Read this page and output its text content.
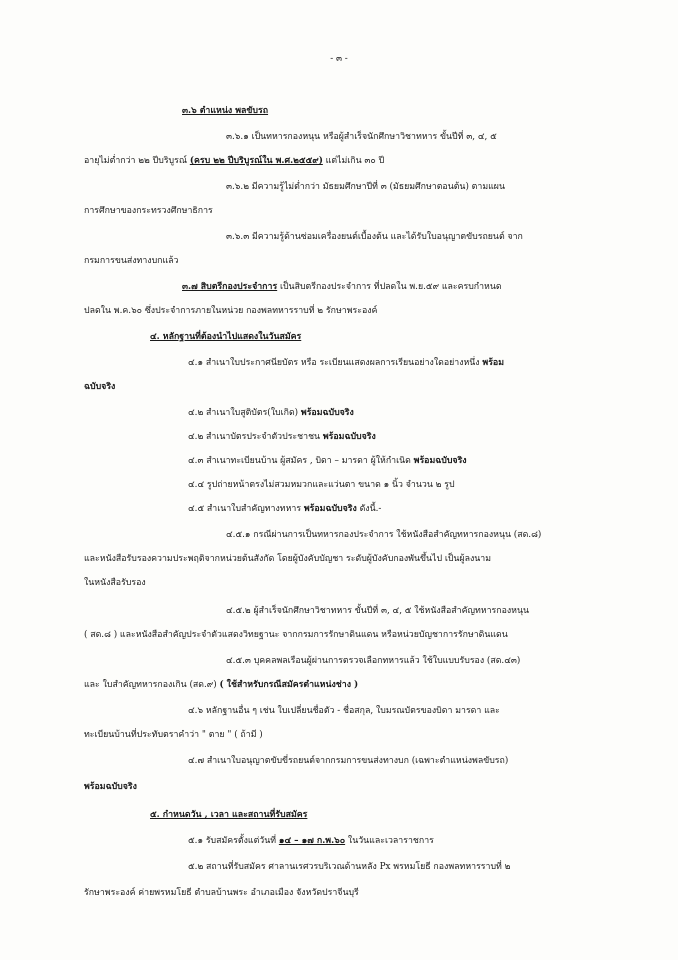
- ๓ -
๓.๖ ตำแหน่ง พลขับรถ
๓.๖.๑ เป็นทหารกองหนุน หรือผู้สำเร็จนักศึกษาวิชาทหาร ขั้นปีที่ ๓, ๔, ๕
อายุไม่ต่ำกว่า ๒๒ ปีบริบูรณ์ (ครบ ๒๒ ปีบริบูรณ์ใน พ.ศ.๒๕๕๙) แต่ไม่เกิน ๓๐ ปี
๓.๖.๒ มีความรู้ไม่ต่ำกว่า มัธยมศึกษาปีที่ ๓ (มัธยมศึกษาตอนต้น) ตามแผน
การศึกษาของกระทรวงศึกษาธิการ
๓.๖.๓ มีความรู้ด้านซ่อมเครื่องยนต์เบื้องต้น และได้รับใบอนุญาตขับรถยนต์ จาก
กรมการขนส่งทางบกแล้ว
๓.๗ สิบตรีกองประจำการ เป็นสิบตรีกองประจำการ ที่ปลดใน พ.ย.๕๙ และครบกำหนด
ปลดใน พ.ค.๖๐ ซึ่งประจำการภายในหน่วย กองพลทหารราบที่ ๒ รักษาพระองค์
๔. หลักฐานที่ต้องนำไปแสดงในวันสมัคร
๔.๑ สำเนาใบประกาศนียบัตร หรือ ระเบียนแสดงผลการเรียนอย่างใดอย่างหนึ่ง พร้อม
ฉบับจริง
๔.๒ สำเนาใบสูติบัตร(ใบเกิด) พร้อมฉบับจริง
๔.๒ สำเนาบัตรประจำตัวประชาชน พร้อมฉบับจริง
๔.๓ สำเนาทะเบียนบ้าน ผู้สมัคร , บิดา – มารดา ผู้ให้กำเนิด พร้อมฉบับจริง
๔.๔ รูปถ่ายหน้าตรงไม่สวมหมวกและแว่นตา ขนาด ๑ นิ้ว จำนวน ๒ รูป
๔.๕ สำเนาใบสำคัญทางทหาร พร้อมฉบับจริง ดังนี้.-
๔.๕.๑ กรณีผ่านการเป็นทหารกองประจำการ ใช้หนังสือสำคัญทหารกองหนุน (สด.๘)
และหนังสือรับรองความประพฤติจากหน่วยต้นสังกัด โดยผู้บังคับบัญชา ระดับผู้บังคับกองพันขึ้นไป เป็นผู้ลงนาม
ในหนังสือรับรอง
๔.๕.๒ ผู้สำเร็จนักศึกษาวิชาทหาร ขั้นปีที่ ๓, ๔, ๕ ใช้หนังสือสำคัญทหารกองหนุน
( สด.๘ ) และหนังสือสำคัญประจำตัวแสดงวิทยฐานะ จากกรมการรักษาดินแดน หรือหน่วยบัญชาการรักษาดินแดน
๔.๕.๓ บุคคลพลเรือนผู้ผ่านการตรวจเลือกทหารแล้ว ใช้ใบแบบรับรอง (สด.๔๓)
และ ใบสำคัญทหารกองเกิน (สด.๙) ( ใช้สำหรับกรณีสมัครตำแหน่งช่าง )
๔.๖ หลักฐานอื่น ๆ เช่น ใบเปลี่ยนชื่อตัว - ชื่อสกุล, ใบมรณบัตรของบิดา มารดา และ
ทะเบียนบ้านที่ประทับตราคำว่า " ตาย " ( ถ้ามี )
๔.๗ สำเนาใบอนุญาตขับขี่รถยนต์จากกรมการขนส่งทางบก (เฉพาะตำแหน่งพลขับรถ)
พร้อมฉบับจริง
๕. กำหนดวัน , เวลา และสถานที่รับสมัคร
๕.๑ รับสมัครตั้งแต่วันที่ ๑๔ – ๑๗ ก.พ.๖๐ ในวันและเวลาราชการ
๕.๒ สถานที่รับสมัคร ศาลานเรศวรบริเวณด้านหลัง Px พรหมโยธี กองพลทหารราบที่ ๒
รักษาพระองค์ ค่ายพรหมโยธี ตำบลบ้านพระ อำเภอเมือง จังหวัดปราจีนบุรี
